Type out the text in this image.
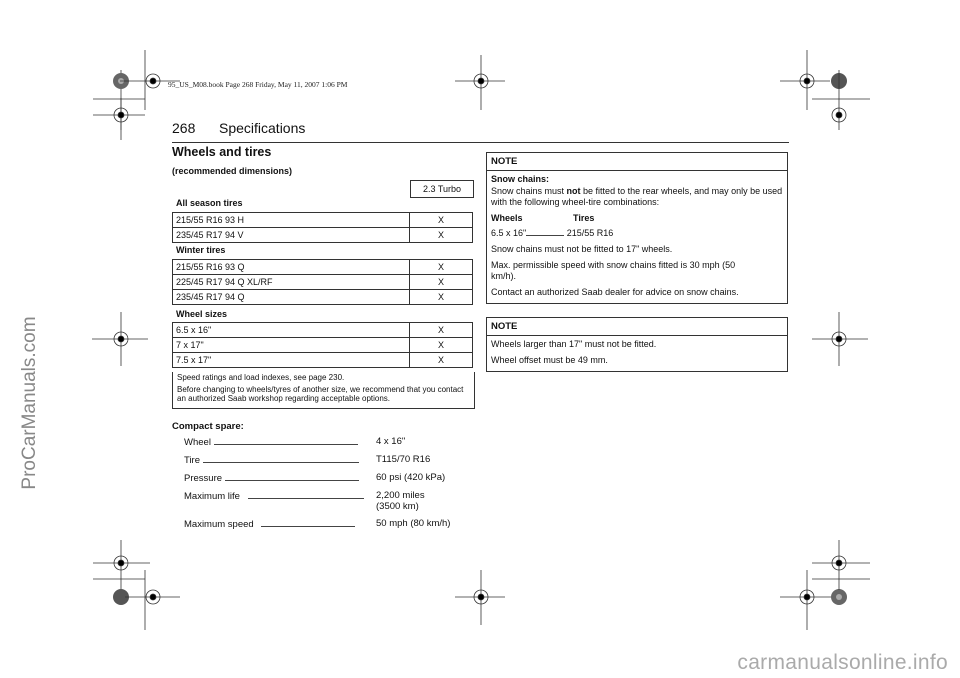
95_US_M08.book Page 268 Friday, May 11, 2007 1:06 PM
ProCarManuals.com
carmanualsonline.info
268 Specifications
Wheels and tires
(recommended dimensions)
2.3 Turbo
All season tires
215/55 R16 93 H	X
235/45 R17 94 V	X
Winter tires
215/55 R16 93 Q	X
225/45 R17 94 Q XL/RF	X
235/45 R17 94 Q	X
Wheel sizes
6.5 x 16"	X
7 x 17"	X
7.5 x 17"	X

Speed ratings and load indexes, see page 230.

Before changing to wheels/tyres of another size, we recommend that you contact an authorized Saab workshop regarding acceptable options.

Compact spare:
Wheel	4 x 16"
Tire	T115/70 R16
Pressure	60 psi (420 kPa)
Maximum life	2,200 miles
(3500 km)
Maximum speed	50 mph (80 km/h)
NOTE

Snow chains:

Snow chains must not be fitted to the rear wheels, and may only be used with the following wheel-tire combinations:

Wheels	Tires

6.5 x 16"	215/55 R16

Snow chains must not be fitted to 17" wheels.

Max. permissible speed with snow chains fitted is 30 mph (50 km/h).

Contact an authorized Saab dealer for advice on snow chains.

NOTE

Wheels larger than 17" must not be fitted.

Wheel offset must be 49 mm.
